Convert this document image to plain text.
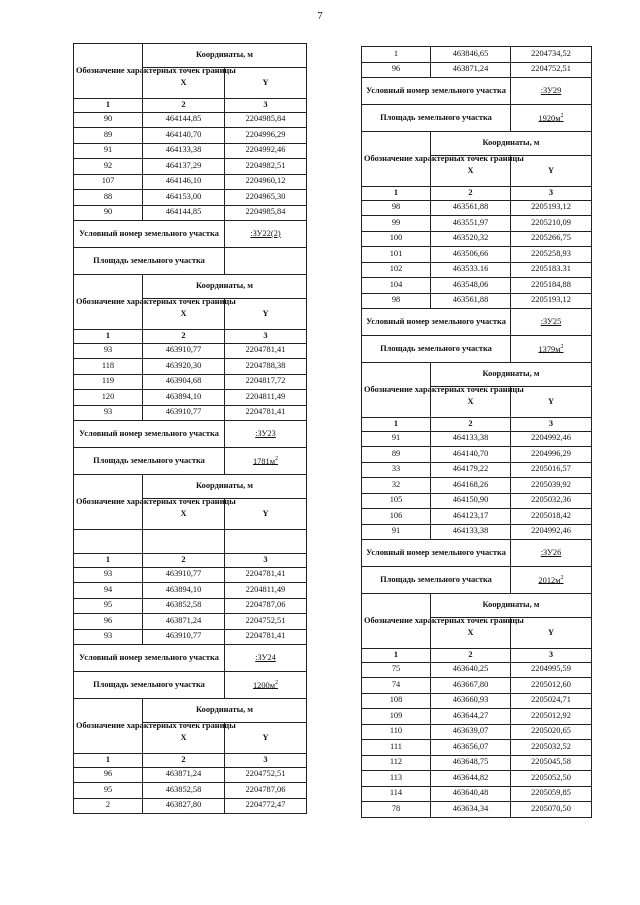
7
Обозначение характерных точек границы	Координаты, м	
	X	Y
1	2	3
90	464144,85	2204985,84
89	464140,70	2204996,29
91	464133,38	2204992,46
92	464137,29	2204982,51
107	464146,10	2204960,12
88	464153,00	2204965,30
90	464144,85	2204985,84
Условный номер земельного участка		:ЗУ22(2)
Площадь земельного участка		
Обозначение характерных точек границы	Координаты, м	
	X	Y
1	2	3
93	463910,77	2204781,41
118	463920,30	2204788,38
119	463904,68	2204817,72
120	463894,10	2204811,49
93	463910,77	2204781,41
Условный номер земельного участка		:ЗУ23
Площадь земельного участка		$1781м^2$
Обозначение характерных точек границы	Координаты, м	
	X	Y

1	2	3
93	463910,77	2204781,41
94	463894,10	2204811,49
95	463852,58	2204787,06
96	463871,24	2204752,51
93	463910,77	2204781,41
Условный номер земельного участка		:ЗУ24
Площадь земельного участка		$1200м^2$
Обозначение характерных точек границы	Координаты, м	
	X	Y
1	2	3
96	463871,24	2204752,51
95	463852,58	2204787,06
2	463827,80	2204772,47
1	463846,65	2204734,52
96	463871,24	2204752,51
Условный номер земельного участка		:ЗУ29
Площадь земельного участка		$1920м^2$
Обозначение характерных точек границы	Координаты, м	
	X	Y
1	2	3
98	463561,88	2205193,12
99	463551,97	2205210,09
100	463520,32	2205266,75
101	463506,66	2205258,93
102	463533.16	2205183.31
104	463548,06	2205184,88
98	463561,88	2205193,12
Условный номер земельного участка		:ЗУ25
Площадь земельного участка		$1379м^2$
Обозначение характерных точек границы	Координаты, м	
	X	Y
1	2	3
91	464133,38	2204992,46
89	464140,70	2204996,29
33	464179,22	2205016,57
32	464168,26	2205039,92
105	464150,90	2205032,36
106	464123,17	2205018,42
91	464133,38	2204992,46
Условный номер земельного участка		:ЗУ26
Площадь земельного участка		$2012м^2$
Обозначение характерных точек границы	Координаты, м	
	X	Y
1	2	3
75	463640,25	2204995,59
74	463667,80	2205012,60
108	463660,93	2205024,71
109	463644,27	2205012,92
110	463639,07	2205020,65
111	463656,07	2205032,52
112	463648,75	2205045,58
113	463644,82	2205052,50
114	463640,48	2205059,85
78	463634,34	2205070,50
